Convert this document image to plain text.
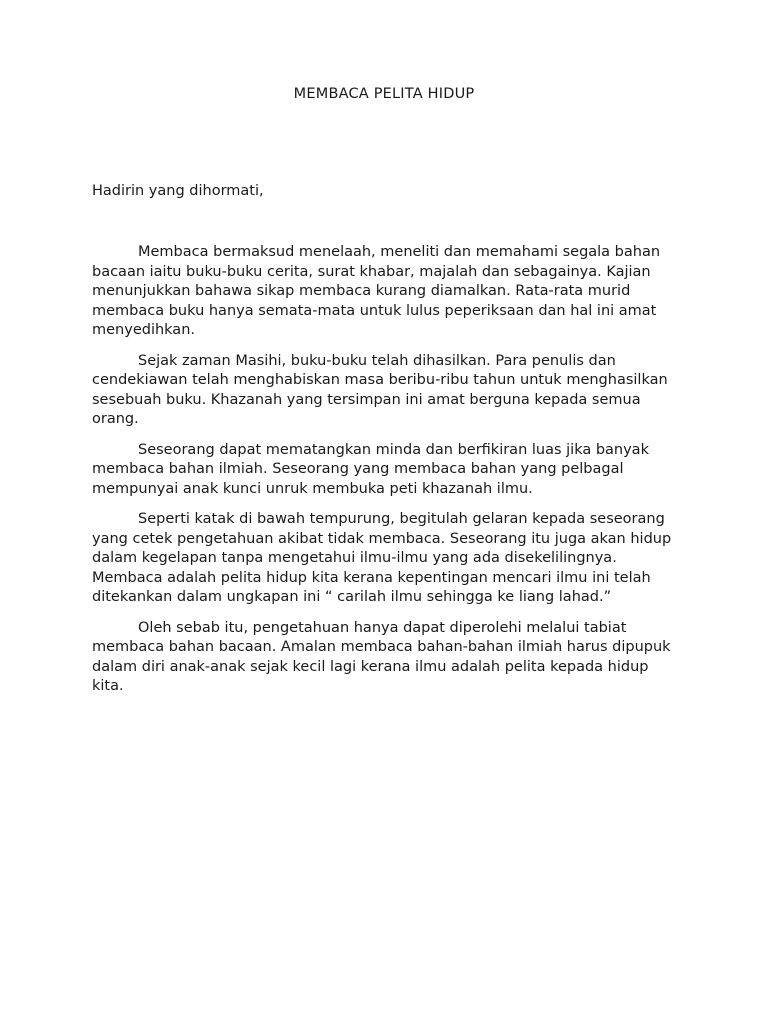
MEMBACA PELITA HIDUP
Hadirin yang dihormati,

Membaca bermaksud menelaah, meneliti dan memahami segala bahan bacaan iaitu buku-buku cerita, surat khabar, majalah dan sebagainya. Kajian menunjukkan bahawa sikap membaca kurang diamalkan. Rata-rata murid membaca buku hanya semata-mata untuk lulus peperiksaan dan hal ini amat menyedihkan.

Sejak zaman Masihi, buku-buku telah dihasilkan. Para penulis dan cendekiawan telah menghabiskan masa beribu-ribu tahun untuk menghasilkan sesebuah buku. Khazanah yang tersimpan ini amat berguna kepada semua orang.

Seseorang dapat mematangkan minda dan berfikiran luas jika banyak membaca bahan ilmiah. Seseorang yang membaca bahan yang pelbagal mempunyai anak kunci unruk membuka peti khazanah ilmu.

Seperti katak di bawah tempurung, begitulah gelaran kepada seseorang yang cetek pengetahuan akibat tidak membaca. Seseorang itu juga akan hidup dalam kegelapan tanpa mengetahui ilmu-ilmu yang ada disekelilingnya. Membaca adalah pelita hidup kita kerana kepentingan mencari ilmu ini telah ditekankan dalam ungkapan ini “ carilah ilmu sehingga ke liang lahad.”

Oleh sebab itu, pengetahuan hanya dapat diperolehi melalui tabiat membaca bahan bacaan. Amalan membaca bahan-bahan ilmiah harus dipupuk dalam diri anak-anak sejak kecil lagi kerana ilmu adalah pelita kepada hidup kita.
